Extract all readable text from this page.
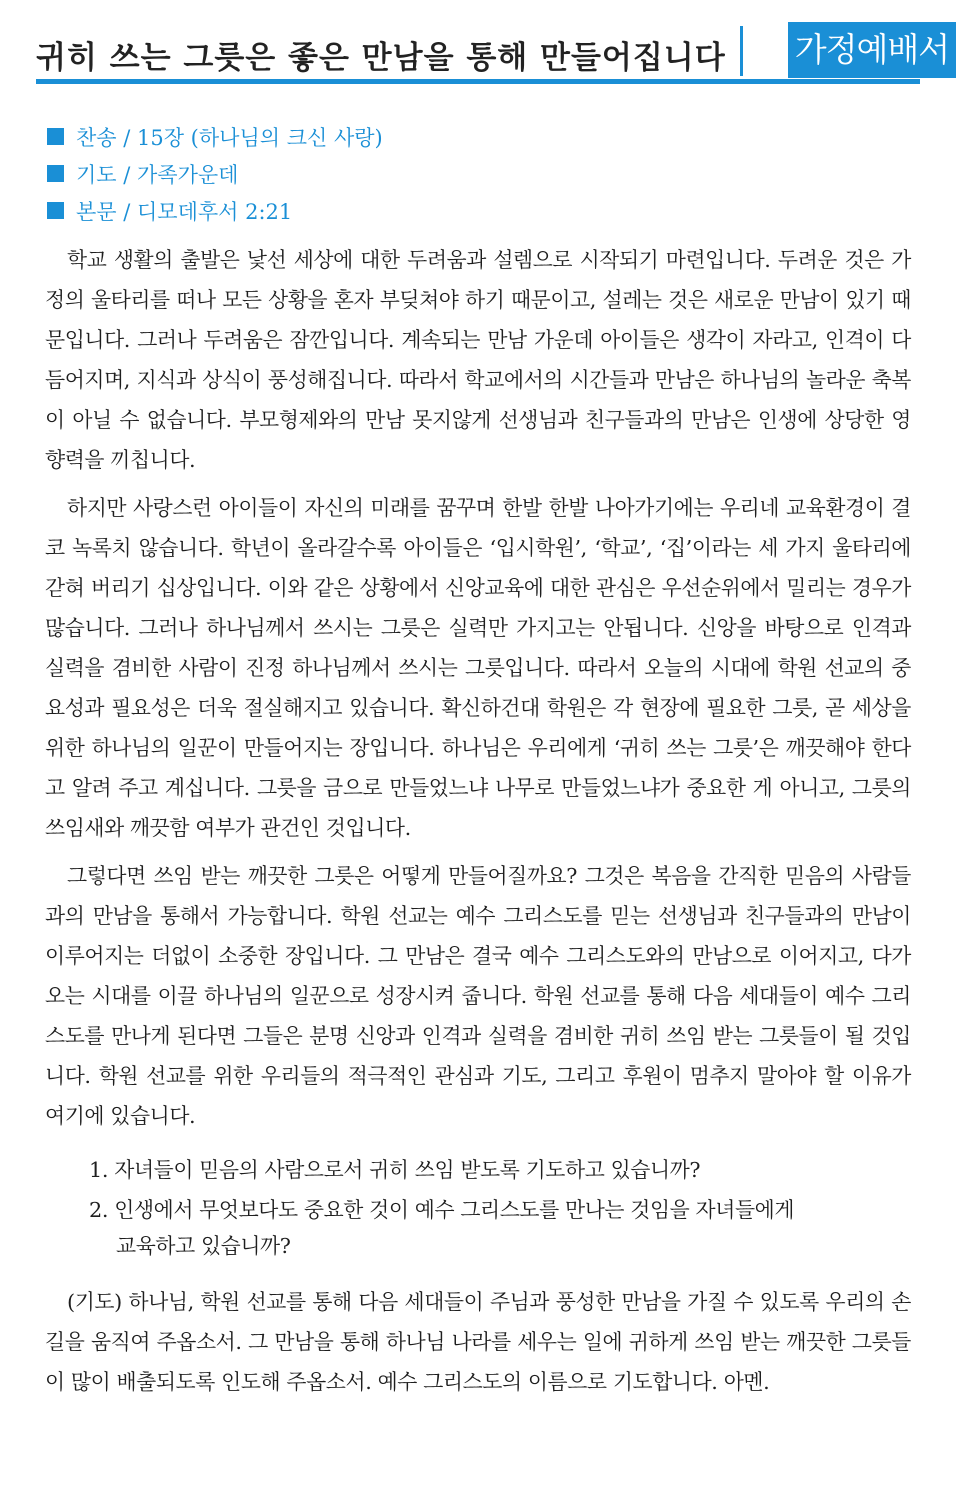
귀히 쓰는 그릇은 좋은 만남을 통해 만들어집니다 가정예배서
찬송 / 15장 (하나님의 크신 사랑)
기도 / 가족가운데
본문 / 디모데후서 2:21

학교 생활의 출발은 낯선 세상에 대한 두려움과 설렘으로 시작되기 마련입니다. 두려운 것은 가정의 울타리를 떠나 모든 상황을 혼자 부딪쳐야 하기 때문이고, 설레는 것은 새로운 만남이 있기 때문입니다. 그러나 두려움은 잠깐입니다. 계속되는 만남 가운데 아이들은 생각이 자라고, 인격이 다듬어지며, 지식과 상식이 풍성해집니다. 따라서 학교에서의 시간들과 만남은 하나님의 놀라운 축복이 아닐 수 없습니다. 부모형제와의 만남 못지않게 선생님과 친구들과의 만남은 인생에 상당한 영향력을 끼칩니다.

하지만 사랑스런 아이들이 자신의 미래를 꿈꾸며 한발 한발 나아가기에는 우리네 교육환경이 결코 녹록치 않습니다. 학년이 올라갈수록 아이들은 ‘입시학원’, ‘학교’, ‘집’이라는 세 가지 울타리에 갇혀 버리기 십상입니다. 이와 같은 상황에서 신앙교육에 대한 관심은 우선순위에서 밀리는 경우가 많습니다. 그러나 하나님께서 쓰시는 그릇은 실력만 가지고는 안됩니다. 신앙을 바탕으로 인격과 실력을 겸비한 사람이 진정 하나님께서 쓰시는 그릇입니다. 따라서 오늘의 시대에 학원 선교의 중요성과 필요성은 더욱 절실해지고 있습니다. 확신하건대 학원은 각 현장에 필요한 그릇, 곧 세상을 위한 하나님의 일꾼이 만들어지는 장입니다. 하나님은 우리에게 ‘귀히 쓰는 그릇’은 깨끗해야 한다고 알려 주고 계십니다. 그릇을 금으로 만들었느냐 나무로 만들었느냐가 중요한 게 아니고, 그릇의 쓰임새와 깨끗함 여부가 관건인 것입니다.

그렇다면 쓰임 받는 깨끗한 그릇은 어떻게 만들어질까요? 그것은 복음을 간직한 믿음의 사람들과의 만남을 통해서 가능합니다. 학원 선교는 예수 그리스도를 믿는 선생님과 친구들과의 만남이 이루어지는 더없이 소중한 장입니다. 그 만남은 결국 예수 그리스도와의 만남으로 이어지고, 다가오는 시대를 이끌 하나님의 일꾼으로 성장시켜 줍니다. 학원 선교를 통해 다음 세대들이 예수 그리스도를 만나게 된다면 그들은 분명 신앙과 인격과 실력을 겸비한 귀히 쓰임 받는 그릇들이 될 것입니다. 학원 선교를 위한 우리들의 적극적인 관심과 기도, 그리고 후원이 멈추지 말아야 할 이유가 여기에 있습니다.

1. 자녀들이 믿음의 사람으로서 귀히 쓰임 받도록 기도하고 있습니까?
2. 인생에서 무엇보다도 중요한 것이 예수 그리스도를 만나는 것임을 자녀들에게 교육하고 있습니까?

(기도) 하나님, 학원 선교를 통해 다음 세대들이 주님과 풍성한 만남을 가질 수 있도록 우리의 손길을 움직여 주옵소서. 그 만남을 통해 하나님 나라를 세우는 일에 귀하게 쓰임 받는 깨끗한 그릇들이 많이 배출되도록 인도해 주옵소서. 예수 그리스도의 이름으로 기도합니다. 아멘.
